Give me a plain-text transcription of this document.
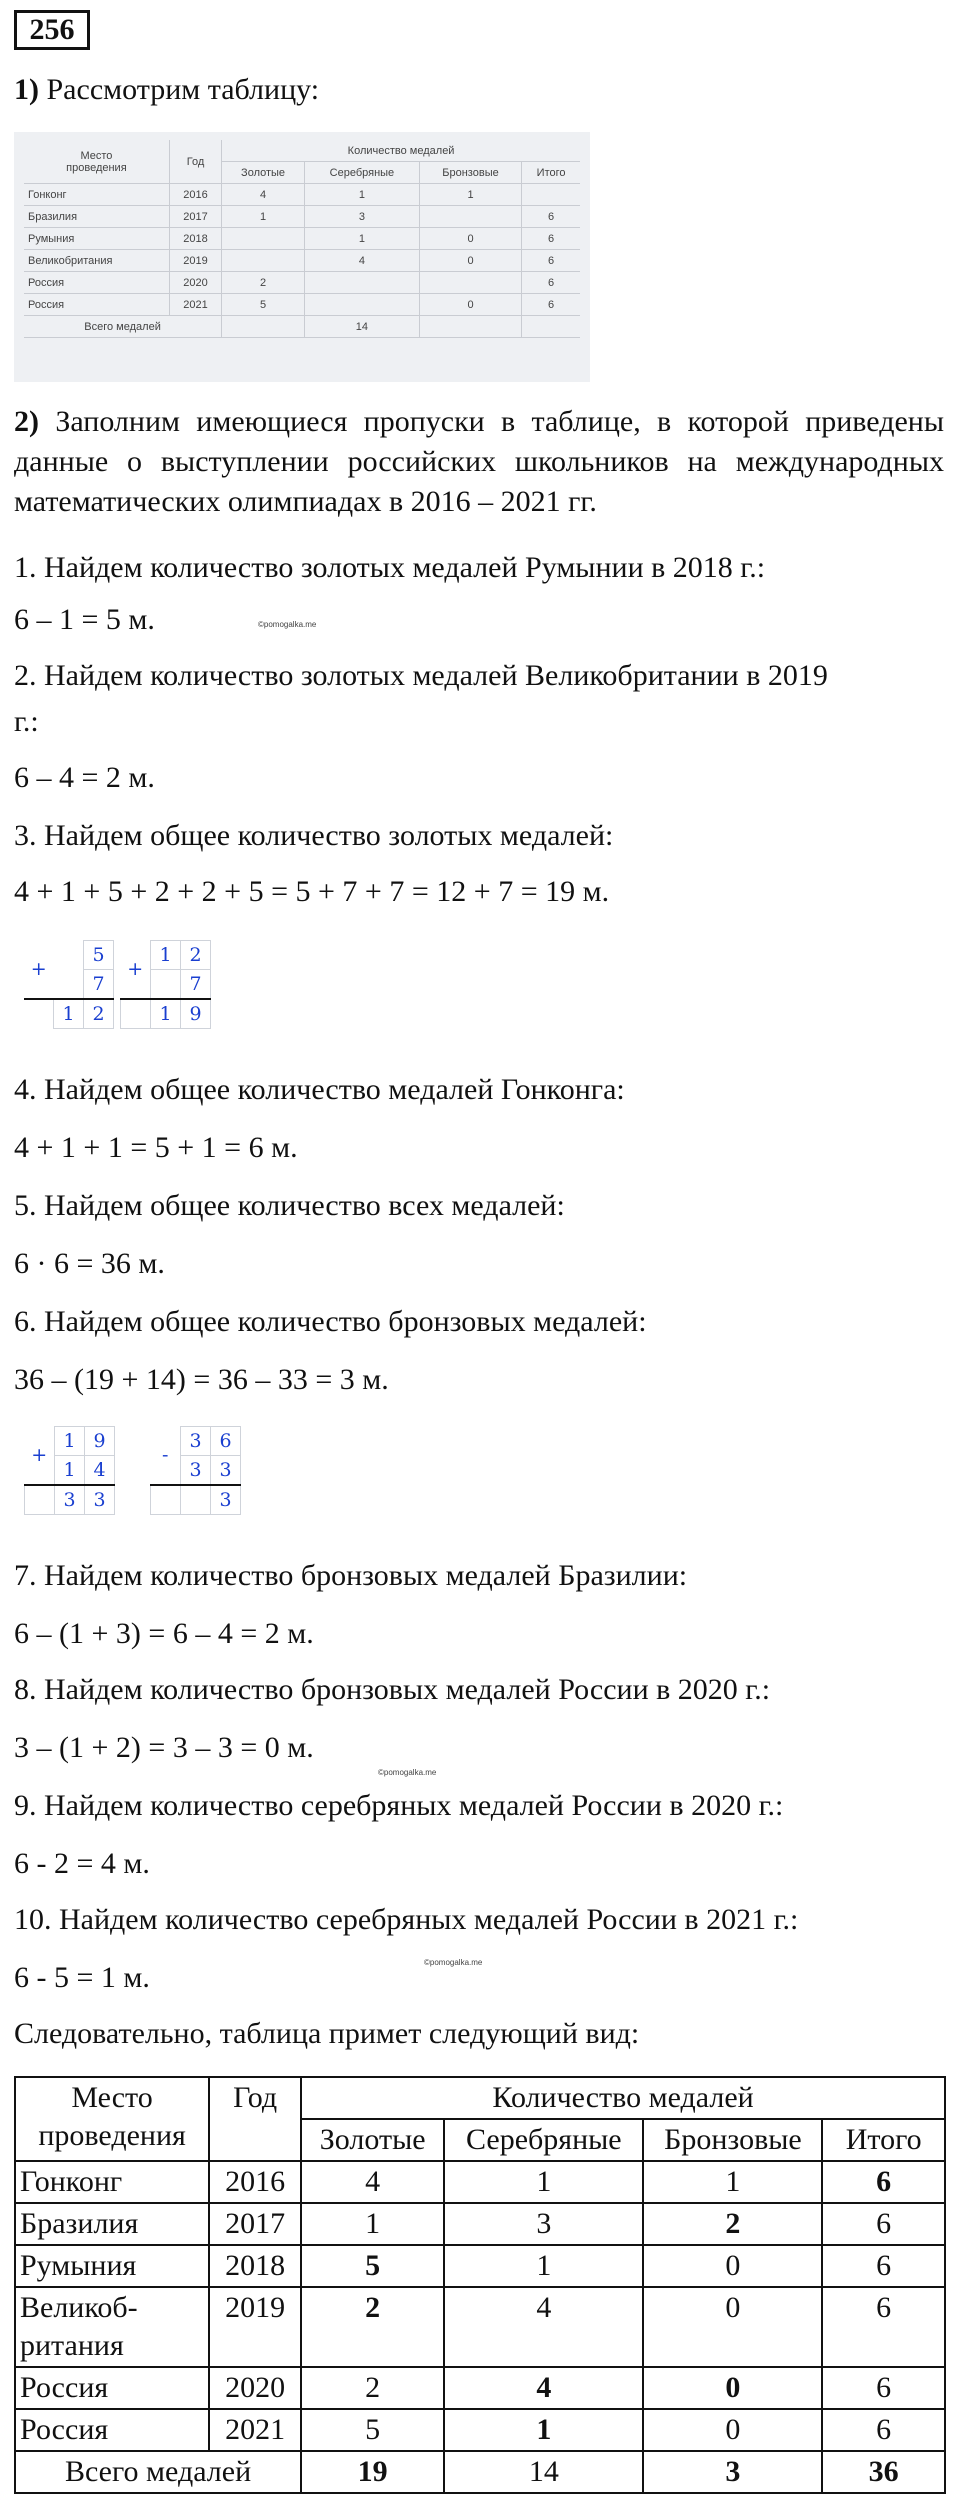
256
1) Рассмотрим таблицу:
Место
проведения	Год	Количество медалей			
		Золотые	Серебряные	Бронзовые	Итого
Гонконг	2016	4	1	1	
Бразилия	2017	1	3		6
Румыния	2018		1	0	6
Великобритания	2019		4	0	6
Россия	2020	2			6
Россия	2021	5		0	6
Всего медалей			14		
2) Заполним имеющиеся пропуски в таблице, в которой приведены данные о выступлении российских школьников на международных математических олимпиадах в 2016 – 2021 гг.
1. Найдем количество золотых медалей Румынии в 2018 г.:
6 – 1 = 5 м.	©pomogalka.me
2. Найдем количество золотых медалей Великобритании в 2019
г.:
6 – 4 = 2 м.
3. Найдем общее количество золотых медалей:
4 + 1 + 5 + 2 + 2 + 5 = 5 + 7 + 7 = 12 + 7 = 19 м.
+		5
		7
	1	2
+	1	2
		7
	1	9
4. Найдем общее количество медалей Гонконга:
4 + 1 + 1 = 5 + 1 = 6 м.
5. Найдем общее количество всех медалей:
6 · 6 = 36 м.
6. Найдем общее количество бронзовых медалей:
36 – (19 + 14) = 36 – 33 = 3 м.
+	1	9
	1	4
	3	3
-	3	6
	3	3
		3
7. Найдем количество бронзовых медалей Бразилии:
6 – (1 + 3) = 6 – 4 = 2 м.
8. Найдем количество бронзовых медалей России в 2020 г.:
3 – (1 + 2) = 3 – 3 = 0 м.
©pomogalka.me
9. Найдем количество серебряных медалей России в 2020 г.:
6 - 2 = 4 м.
10. Найдем количество серебряных медалей России в 2021 г.:
©pomogalka.me
6 - 5 = 1 м.
Следовательно, таблица примет следующий вид:
Место
проведения	Год	Количество медалей			
		Золотые	Серебряные	Бронзовые	Итого
Гонконг	2016	4	1	1	6
Бразилия	2017	1	3	2	6
Румыния	2018	5	1	0	6
Великоб-
ритания	2019	2	4	0	6
Россия	2020	2	4	0	6
Россия	2021	5	1	0	6
Всего медалей		19	14	3	36
